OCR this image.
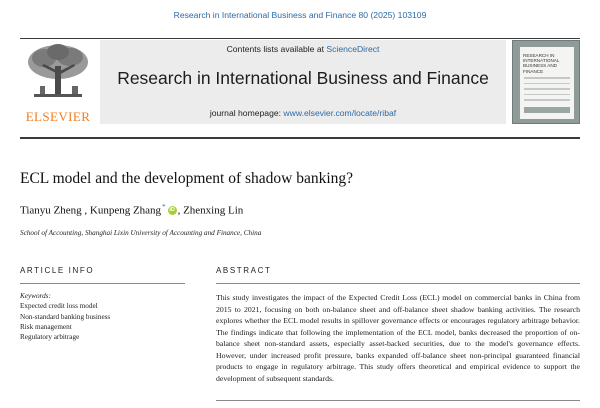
Research in International Business and Finance 80 (2025) 103109
ELSEVIER
Contents lists available at ScienceDirect
Research in International Business and Finance
journal homepage: www.elsevier.com/locate/ribaf
RESEARCH IN INTERNATIONAL BUSINESS AND FINANCE
ECL model and the development of shadow banking?
Tianyu Zheng , Kunpeng Zhang* iD , Zhenxing Lin
School of Accounting, Shanghai Lixin University of Accounting and Finance, China
ARTICLE INFO	ABSTRACT
Keywords:
Expected credit loss model
Non-standard banking business
Risk management
Regulatory arbitrage
This study investigates the impact of the Expected Credit Loss (ECL) model on commercial banks in China from 2015 to 2021, focusing on both on-balance sheet and off-balance sheet shadow banking activities. The research explores whether the ECL model results in spillover governance effects or encourages regulatory arbitrage behavior. The findings indicate that following the implementation of the ECL model, banks decreased the proportion of on-balance sheet non-standard assets, especially asset-backed securities, due to the model's governance effects. However, under increased profit pressure, banks expanded off-balance sheet non-principal guaranteed financial products to engage in regulatory arbitrage. This study offers theoretical and empirical evidence to support the development of subsequent standards.
